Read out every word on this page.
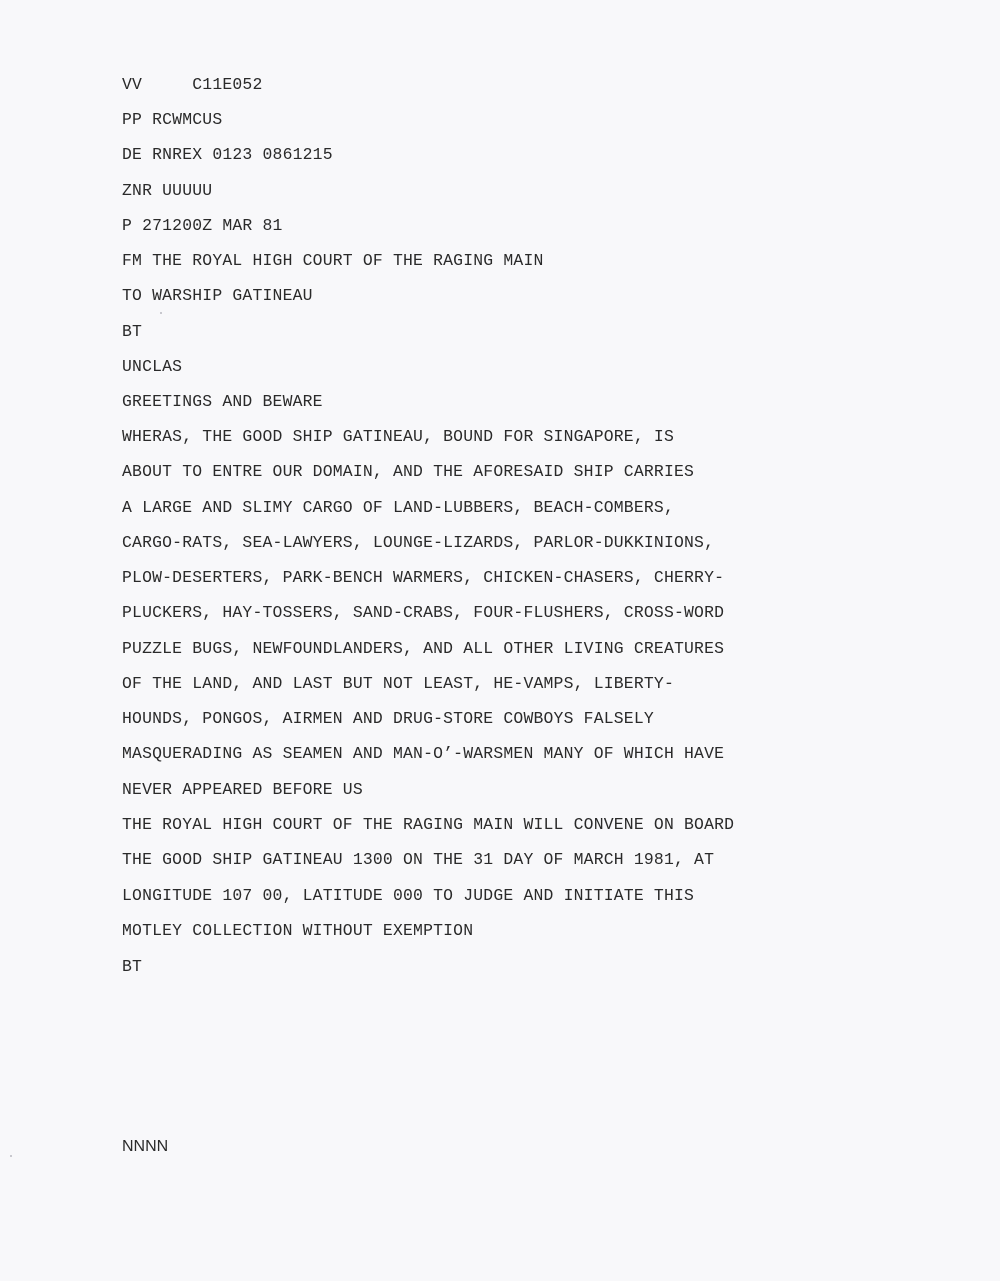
VV     C11E052
PP RCWMCUS
DE RNREX 0123 0861215
ZNR UUUUU
P 271200Z MAR 81
FM THE ROYAL HIGH COURT OF THE RAGING MAIN
TO WARSHIP GATINEAU
BT
UNCLAS
GREETINGS AND BEWARE
WHERAS, THE GOOD SHIP GATINEAU, BOUND FOR SINGAPORE, IS
ABOUT TO ENTRE OUR DOMAIN, AND THE AFORESAID SHIP CARRIES
A LARGE AND SLIMY CARGO OF LAND-LUBBERS, BEACH-COMBERS,
CARGO-RATS, SEA-LAWYERS, LOUNGE-LIZARDS, PARLOR-DUKKINIONS,
PLOW-DESERTERS, PARK-BENCH WARMERS, CHICKEN-CHASERS, CHERRY-
PLUCKERS, HAY-TOSSERS, SAND-CRABS, FOUR-FLUSHERS, CROSS-WORD
PUZZLE BUGS, NEWFOUNDLANDERS, AND ALL OTHER LIVING CREATURES
OF THE LAND, AND LAST BUT NOT LEAST, HE-VAMPS, LIBERTY-
HOUNDS, PONGOS, AIRMEN AND DRUG-STORE COWBOYS FALSELY
MASQUERADING AS SEAMEN AND MAN-O’-WARSMEN MANY OF WHICH HAVE
NEVER APPEARED BEFORE US
THE ROYAL HIGH COURT OF THE RAGING MAIN WILL CONVENE ON BOARD
THE GOOD SHIP GATINEAU 1300 ON THE 31 DAY OF MARCH 1981, AT
LONGITUDE 107 00, LATITUDE 000 TO JUDGE AND INITIATE THIS
MOTLEY COLLECTION WITHOUT EXEMPTION
BT
NNNN
